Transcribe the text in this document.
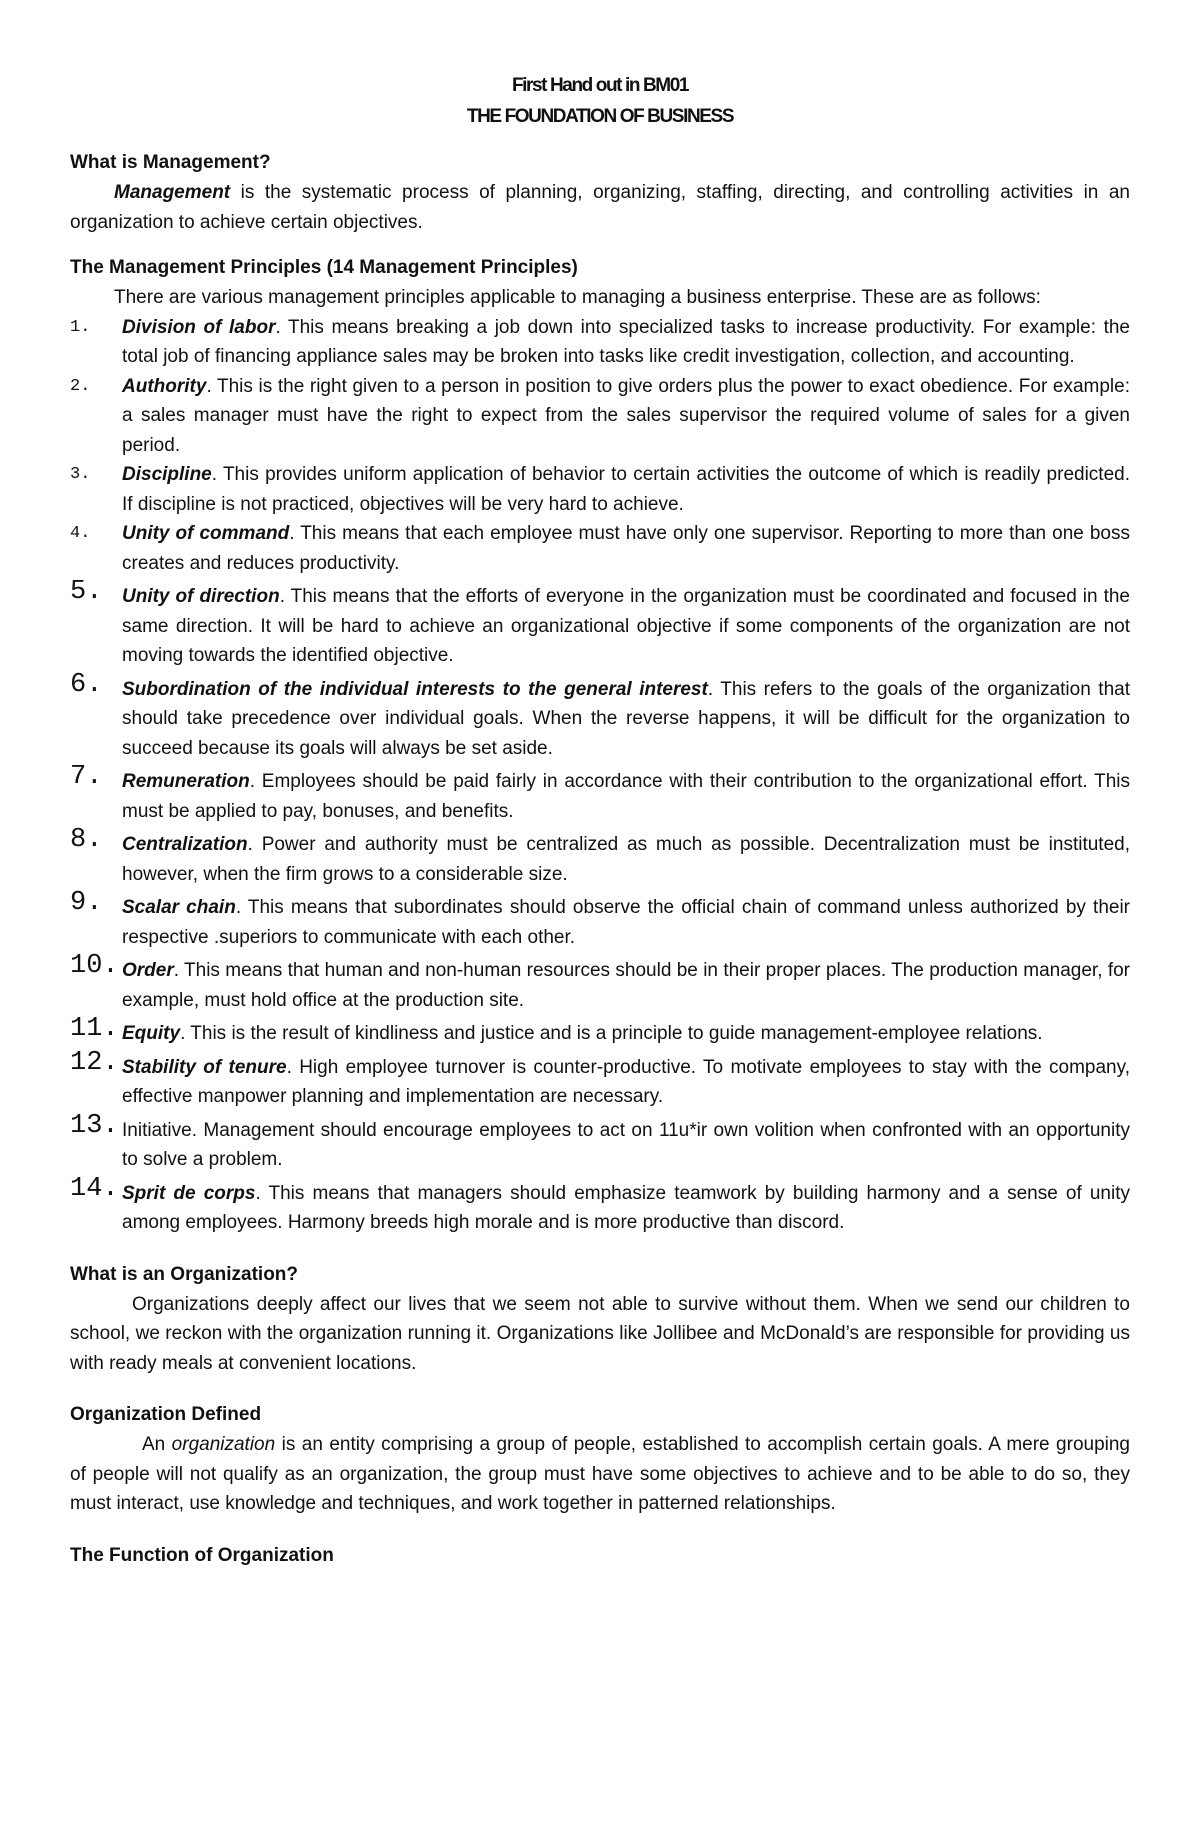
First Hand out in BM01
THE FOUNDATION OF BUSINESS
What is Management?

Management is the systematic process of planning, organizing, staffing, directing, and controlling activities in an organization to achieve certain objectives.

The Management Principles (14 Management Principles)

There are various management principles applicable to managing a business enterprise. These are as follows:

1. Division of labor. This means breaking a job down into specialized tasks to increase productivity. For example: the total job of financing appliance sales may be broken into tasks like credit investigation, collection, and accounting.
2. Authority. This is the right given to a person in position to give orders plus the power to exact obedience. For example: a sales manager must have the right to expect from the sales supervisor the required volume of sales for a given period.
3. Discipline. This provides uniform application of behavior to certain activities the outcome of which is readily predicted. If discipline is not practiced, objectives will be very hard to achieve.
4. Unity of command. This means that each employee must have only one supervisor. Reporting to more than one boss creates and reduces productivity.
5. Unity of direction. This means that the efforts of everyone in the organization must be coordinated and focused in the same direction. It will be hard to achieve an organizational objective if some components of the organization are not moving towards the identified objective.
6. Subordination of the individual interests to the general interest. This refers to the goals of the organization that should take precedence over individual goals. When the reverse happens, it will be difficult for the organization to succeed because its goals will always be set aside.
7. Remuneration. Employees should be paid fairly in accordance with their contribution to the organizational effort. This must be applied to pay, bonuses, and benefits.
8. Centralization. Power and authority must be centralized as much as possible. Decentralization must be instituted, however, when the firm grows to a considerable size.
9. Scalar chain. This means that subordinates should observe the official chain of command unless authorized by their respective .superiors to communicate with each other.
10. Order. This means that human and non-human resources should be in their proper places. The production manager, for example, must hold office at the production site.
11. Equity. This is the result of kindliness and justice and is a principle to guide management-employee relations.
12. Stability of tenure. High employee turnover is counter-productive. To motivate employees to stay with the company, effective manpower planning and implementation are necessary.
13. Initiative. Management should encourage employees to act on 11u*ir own volition when confronted with an opportunity to solve a problem.
14. Sprit de corps. This means that managers should emphasize teamwork by building harmony and a sense of unity among employees. Harmony breeds high morale and is more productive than discord.
What is an Organization?

Organizations deeply affect our lives that we seem not able to survive without them. When we send our children to school, we reckon with the organization running it. Organizations like Jollibee and McDonald’s are responsible for providing us with ready meals at convenient locations.

Organization Defined

An organization is an entity comprising a group of people, established to accomplish certain goals. A mere grouping of people will not qualify as an organization, the group must have some objectives to achieve and to be able to do so, they must interact, use knowledge and techniques, and work together in patterned relationships.

The Function of Organization
